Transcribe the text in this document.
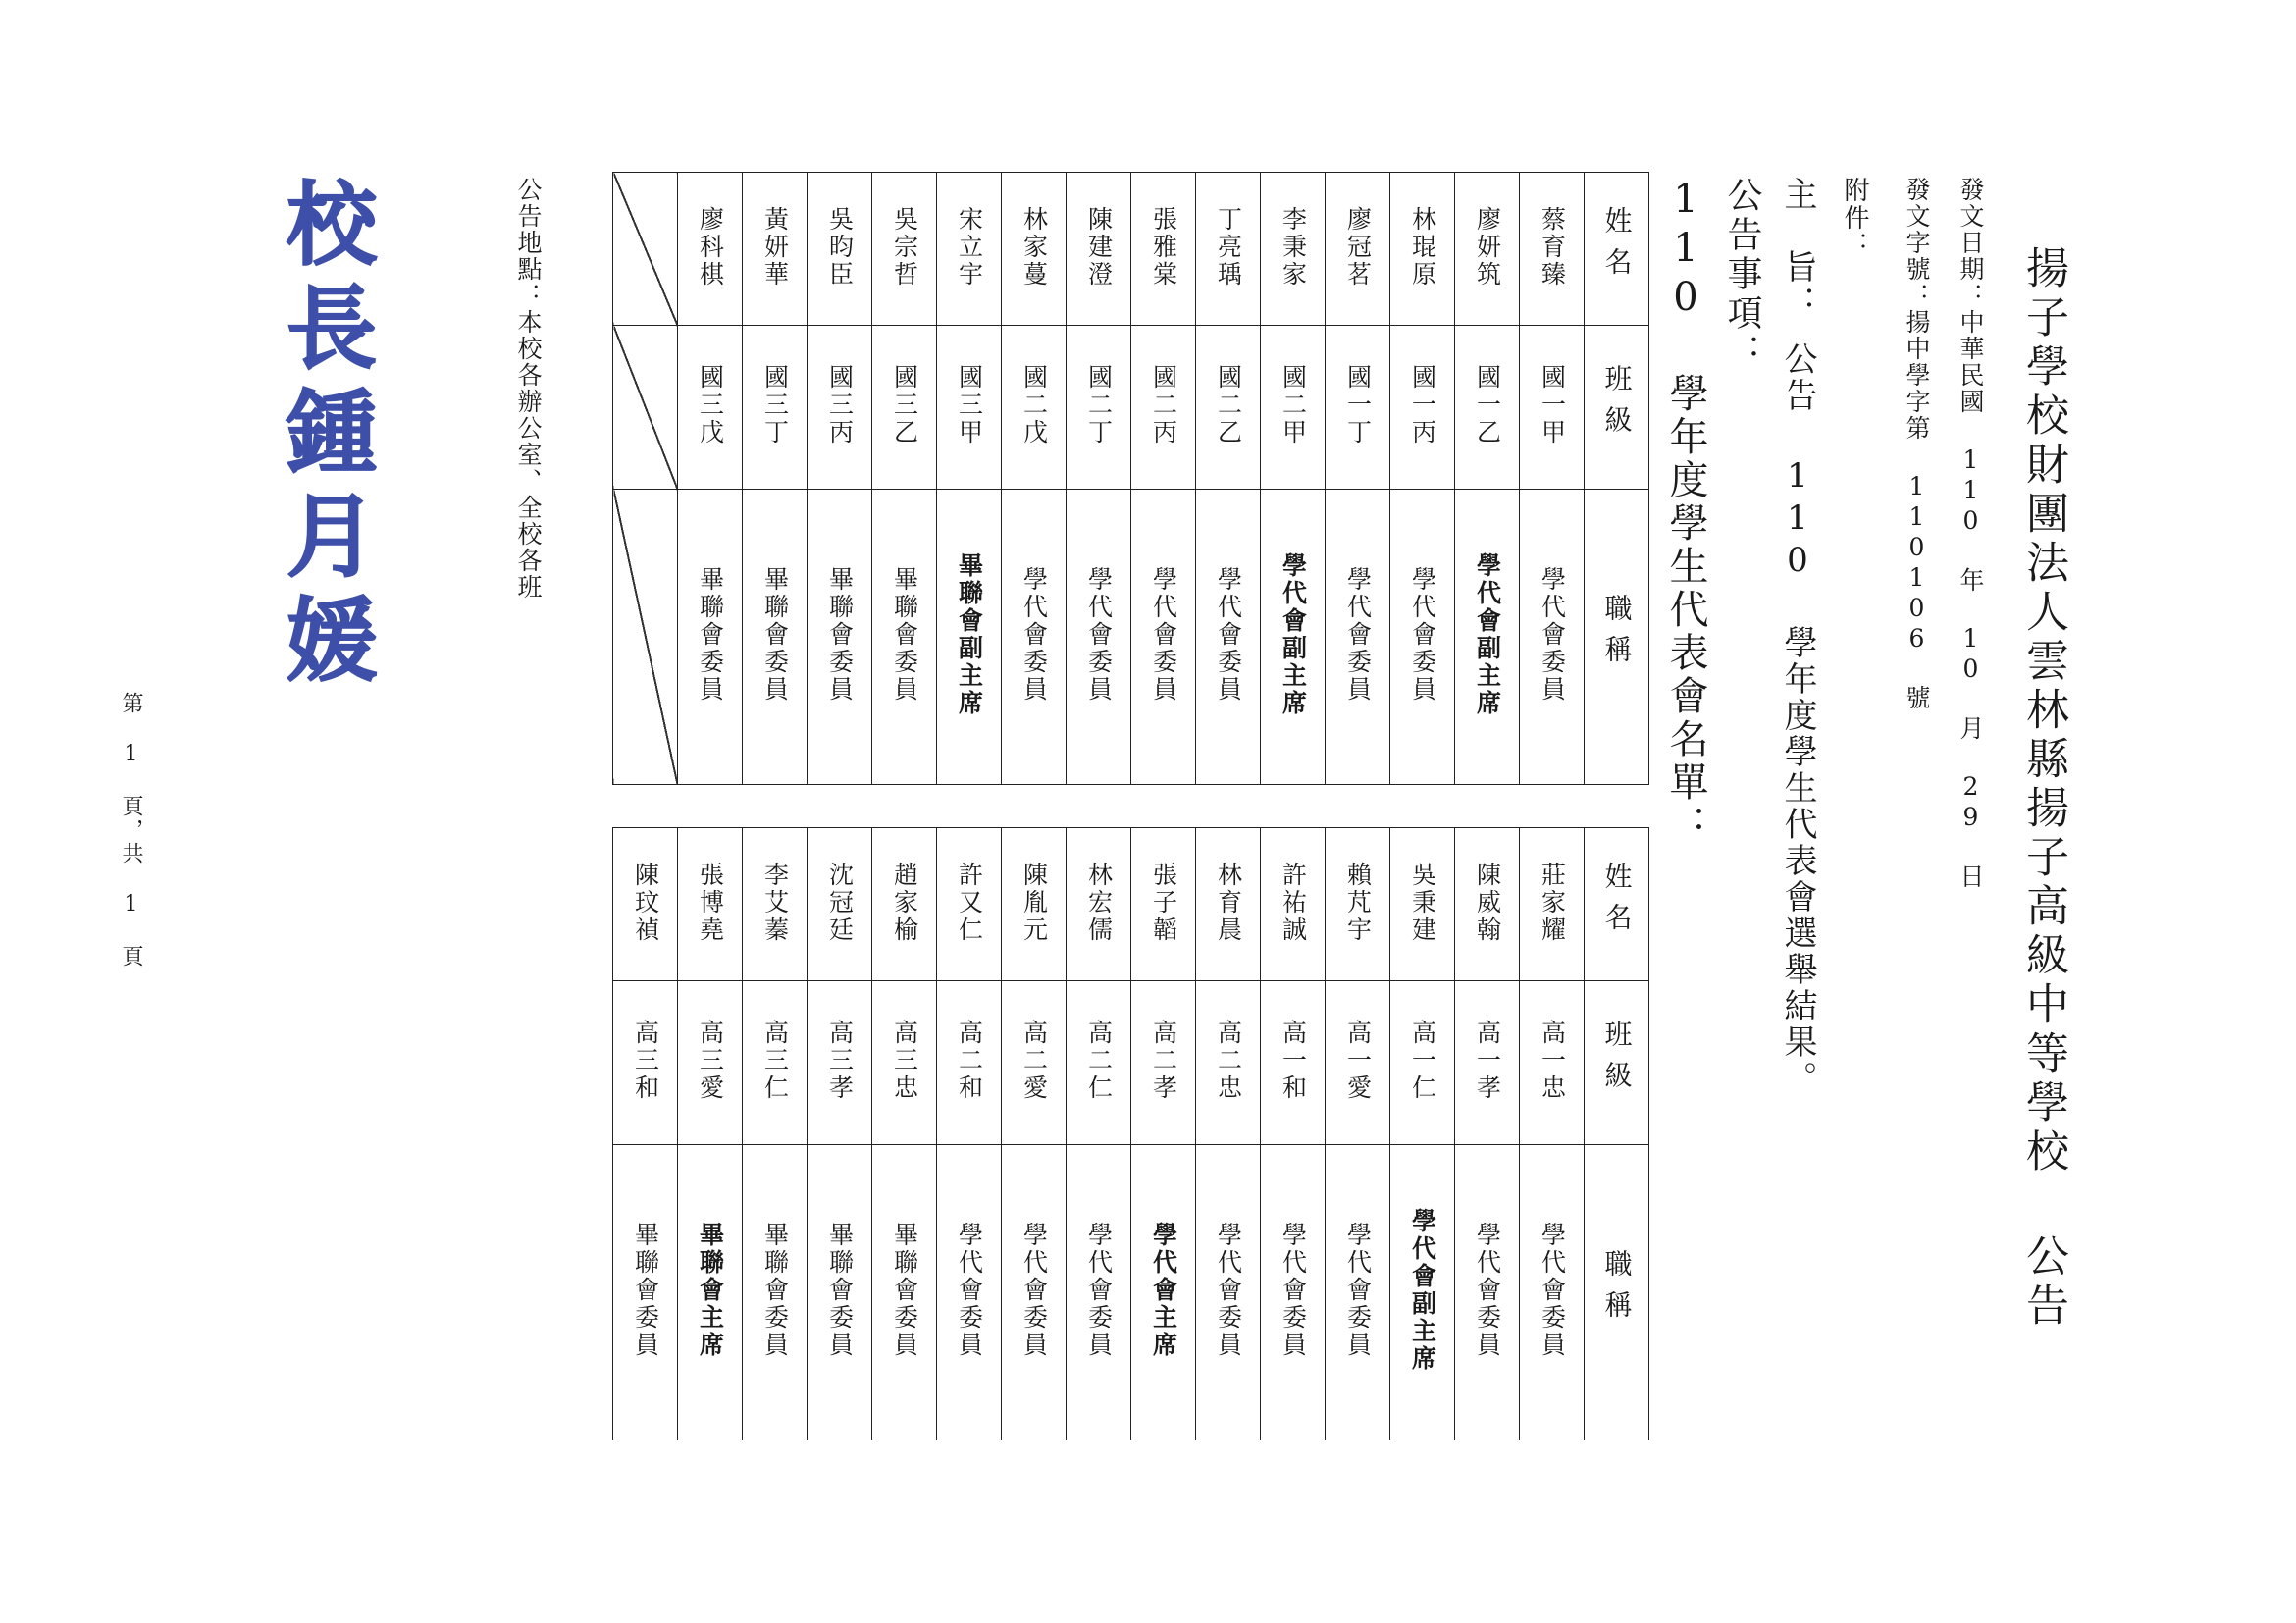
揚子學校財團法人雲林縣揚子高級中等學校 公告
發文日期：中華民國 110 年 10 月 29 日
發文字號：揚中學字第 110106 號
附件：
主　旨：公告 110 學年度學生代表會選舉結果。
公告事項：
110 學年度學生代表會名單：
	廖科棋	黃妍華	吳昀臣	吳宗哲	宋立宇	林家蔓	陳建澄	張雅棠	丁亮瑀	李秉家	廖冠茗	林琨原	廖妍筑	蔡育臻	姓名
	國三戊	國三丁	國三丙	國三乙	國三甲	國二戊	國二丁	國二丙	國二乙	國二甲	國一丁	國一丙	國一乙	國一甲	班級
	畢聯會委員	畢聯會委員	畢聯會委員	畢聯會委員	畢聯會副主席	學代會委員	學代會委員	學代會委員	學代會委員	學代會副主席	學代會委員	學代會委員	學代會副主席	學代會委員	職稱
陳玟禎	張博堯	李艾蓁	沈冠廷	趙家榆	許又仁	陳胤元	林宏儒	張子韜	林育晨	許祐誠	賴芃宇	吳秉建	陳威翰	莊家耀	姓名
高三和	高三愛	高三仁	高三孝	高三忠	高二和	高二愛	高二仁	高二孝	高二忠	高一和	高一愛	高一仁	高一孝	高一忠	班級
畢聯會委員	畢聯會主席	畢聯會委員	畢聯會委員	畢聯會委員	學代會委員	學代會委員	學代會委員	學代會主席	學代會委員	學代會委員	學代會委員	學代會副主席	學代會委員	學代會委員	職稱
公告地點：本校各辦公室、全校各班
校長鍾月媛
第 1 頁，共 1 頁
